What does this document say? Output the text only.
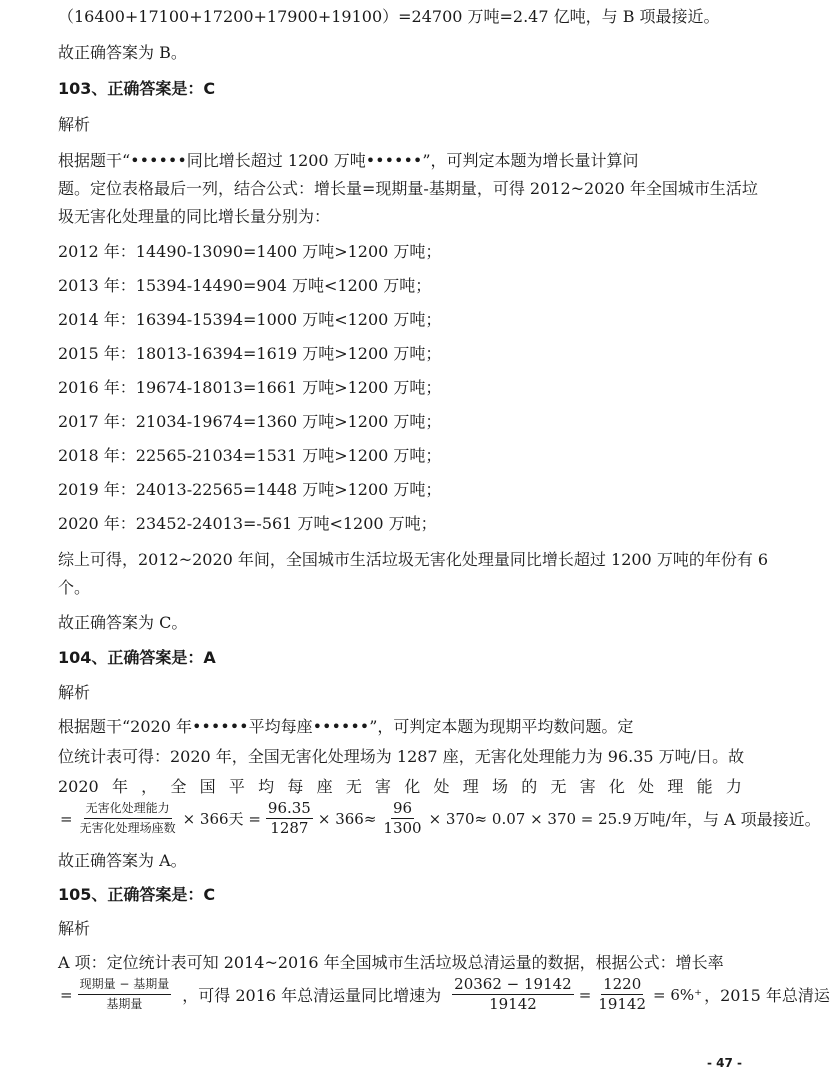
（16400+17100+17200+17900+19100）=24700 万吨=2.47 亿吨，与 B 项最接近。
故正确答案为 B。
103、正确答案是：C
解析
根据题干“••••••同比增长超过 1200 万吨••••••”，可判定本题为增长量计算问
题。定位表格最后一列，结合公式：增长量=现期量-基期量，可得 2012~2020 年全国城市生活垃
圾无害化处理量的同比增长量分别为：
2012 年：14490-13090=1400 万吨>1200 万吨；
2013 年：15394-14490=904 万吨<1200 万吨；
2014 年：16394-15394=1000 万吨<1200 万吨；
2015 年：18013-16394=1619 万吨>1200 万吨；
2016 年：19674-18013=1661 万吨>1200 万吨；
2017 年：21034-19674=1360 万吨>1200 万吨；
2018 年：22565-21034=1531 万吨>1200 万吨；
2019 年：24013-22565=1448 万吨>1200 万吨；
2020 年：23452-24013=-561 万吨<1200 万吨；
综上可得，2012~2020 年间，全国城市生活垃圾无害化处理量同比增长超过 1200 万吨的年份有 6
个。
故正确答案为 C。
104、正确答案是：A
解析
根据题干“2020 年••••••平均每座••••••”，可判定本题为现期平均数问题。定
位统计表可得：2020 年，全国无害化处理场为 1287 座，无害化处理能力为 96.35 万吨/日。故
2020 年 ， 全 国 平 均 每 座 无 害 化 处 理 场 的 无 害 化 处 理 能 力
= $\frac{\text{无害化处理能力}}{\text{无害化处理场座数}} \times 366$天 = $\frac{96.35}{1287} \times 366\approx \frac{96}{1300} \times 370\approx 0.07 \times 370 = 25.9$ 万吨/年，与 A 项最接近。
故正确答案为 A。
105、正确答案是：C
解析
A 项：定位统计表可知 2014~2016 年全国城市生活垃圾总清运量的数据，根据公式：增长率
= $\frac{\text{现期量 − 基期量}}{\text{基期量}}$ ，可得 2016 年总清运量同比增速为 $\frac{20362 - 19142}{19142} = \frac{1220}{19142} = 6\%^+$ ，2015 年总清运
- 47 -
